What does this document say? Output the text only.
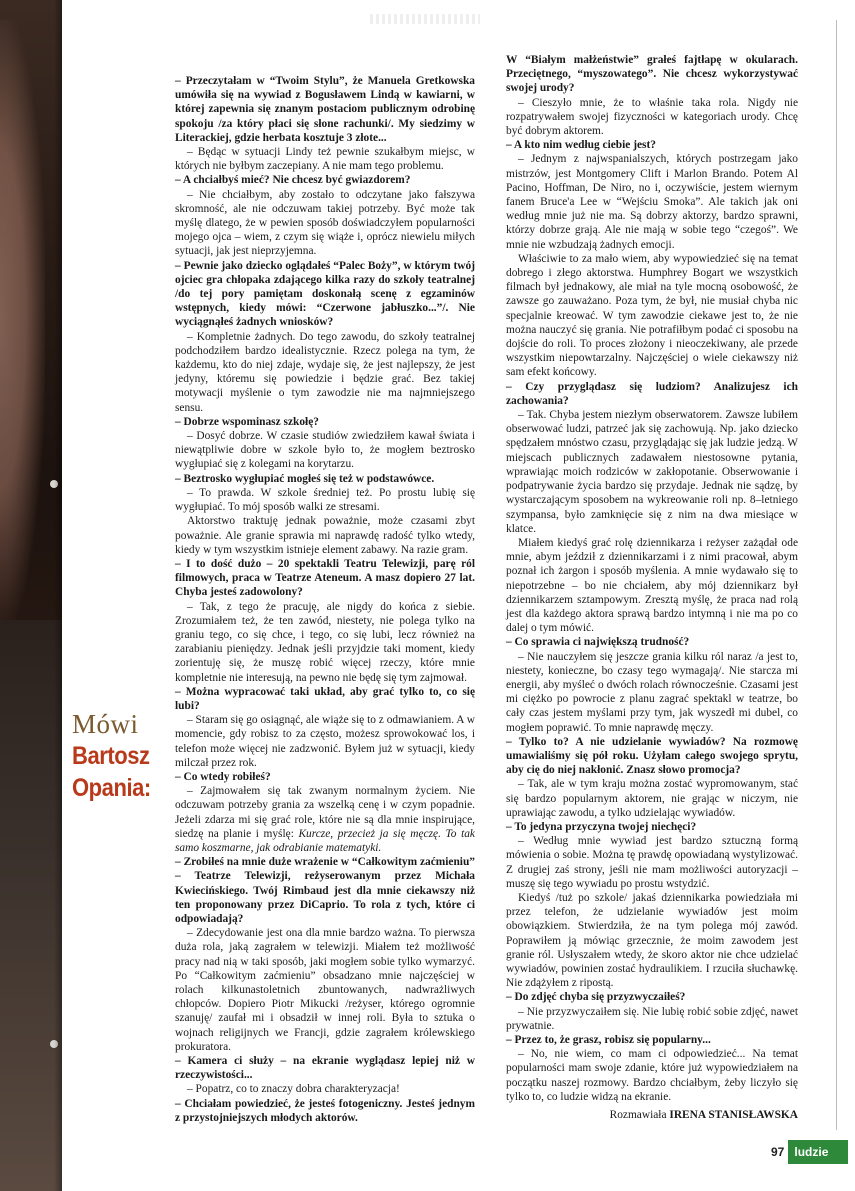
Mówi
Bartosz
Opania:

– Przeczytałam w “Twoim Stylu”, że Manuela Gretkowska umówiła się na wywiad z Bogusławem Lindą w kawiarni, w której zapewnia się znanym postaciom publicznym odrobinę spokoju /za który płaci się słone rachunki/. My siedzimy w Literackiej, gdzie herbata kosztuje 3 złote...

– Będąc w sytuacji Lindy też pewnie szukałbym miejsc, w których nie byłbym zaczepiany. A nie mam tego problemu.

– A chciałbyś mieć? Nie chcesz być gwiazdorem?

– Nie chciałbym, aby zostało to odczytane jako fałszywa skromność, ale nie odczuwam takiej potrzeby. Być może tak myślę dlatego, że w pewien sposób doświadczyłem popularności mojego ojca – wiem, z czym się wiąże i, oprócz niewielu miłych sytuacji, jak jest nieprzyjemna.

– Pewnie jako dziecko oglądałeś “Palec Boży”, w którym twój ojciec gra chłopaka zdającego kilka razy do szkoły teatralnej /do tej pory pamiętam doskonałą scenę z egzaminów wstępnych, kiedy mówi: “Czerwone jabłuszko...”/. Nie wyciągnąłeś żadnych wniosków?

– Kompletnie żadnych. Do tego zawodu, do szkoły teatralnej podchodziłem bardzo idealistycznie. Rzecz polega na tym, że każdemu, kto do niej zdaje, wydaje się, że jest najlepszy, że jest jedyny, któremu się powiedzie i będzie grać. Bez takiej motywacji myślenie o tym zawodzie nie ma najmniejszego sensu.

– Dobrze wspominasz szkołę?

– Dosyć dobrze. W czasie studiów zwiedziłem kawał świata i niewątpliwie dobre w szkole było to, że mogłem beztrosko wygłupiać się z kolegami na korytarzu.

– Beztrosko wygłupiać mogłeś się też w podstawówce.

– To prawda. W szkole średniej też. Po prostu lubię się wygłupiać. To mój sposób walki ze stresami.

Aktorstwo traktuję jednak poważnie, może czasami zbyt poważnie. Ale granie sprawia mi naprawdę radość tylko wtedy, kiedy w tym wszystkim istnieje element zabawy. Na razie gram.

– I to dość dużo – 20 spektakli Teatru Telewizji, parę ról filmowych, praca w Teatrze Ateneum. A masz dopiero 27 lat. Chyba jesteś zadowolony?

– Tak, z tego że pracuję, ale nigdy do końca z siebie. Zrozumiałem też, że ten zawód, niestety, nie polega tylko na graniu tego, co się chce, i tego, co się lubi, lecz również na zarabianiu pieniędzy. Jednak jeśli przyjdzie taki moment, kiedy zorientuję się, że muszę robić więcej rzeczy, które mnie kompletnie nie interesują, na pewno nie będę się tym zajmował.

– Można wypracować taki układ, aby grać tylko to, co się lubi?

– Staram się go osiągnąć, ale wiąże się to z odmawianiem. A w momencie, gdy robisz to za często, możesz sprowokować los, i telefon może więcej nie zadzwonić. Byłem już w sytuacji, kiedy milczał przez rok.

– Co wtedy robiłeś?

– Zajmowałem się tak zwanym normalnym życiem. Nie odczuwam potrzeby grania za wszelką cenę i w czym popadnie. Jeżeli zdarza mi się grać role, które nie są dla mnie inspirujące, siedzę na planie i myślę: Kurcze, przecież ja się męczę. To tak samo koszmarne, jak odrabianie matematyki.

– Zrobiłeś na mnie duże wrażenie w “Całkowitym zaćmieniu” – Teatrze Telewizji, reżyserowanym przez Michała Kwiecińskiego. Twój Rimbaud jest dla mnie ciekawszy niż ten proponowany przez DiCaprio. To rola z tych, które ci odpowiadają?

– Zdecydowanie jest ona dla mnie bardzo ważna. To pierwsza duża rola, jaką zagrałem w telewizji. Miałem też możliwość pracy nad nią w taki sposób, jaki mogłem sobie tylko wymarzyć. Po “Całkowitym zaćmieniu” obsadzano mnie najczęściej w rolach kilkunastoletnich zbuntowanych, nadwrażliwych chłopców. Dopiero Piotr Mikucki /reżyser, którego ogromnie szanuję/ zaufał mi i obsadził w innej roli. Była to sztuka o wojnach religijnych we Francji, gdzie zagrałem królewskiego prokuratora.

– Kamera ci służy – na ekranie wyglądasz lepiej niż w rzeczywistości...

– Popatrz, co to znaczy dobra charakteryzacja!

– Chciałam powiedzieć, że jesteś fotogeniczny. Jesteś jednym z przystojniejszych młodych aktorów.

W “Białym małżeństwie” grałeś fajtłapę w okularach. Przeciętnego, “myszowatego”. Nie chcesz wykorzystywać swojej urody?

– Cieszyło mnie, że to właśnie taka rola. Nigdy nie rozpatrywałem swojej fizyczności w kategoriach urody. Chcę być dobrym aktorem.

– A kto nim według ciebie jest?

– Jednym z najwspanialszych, których postrzegam jako mistrzów, jest Montgomery Clift i Marlon Brando. Potem Al Pacino, Hoffman, De Niro, no i, oczywiście, jestem wiernym fanem Bruce'a Lee w “Wejściu Smoka”. Ale takich jak oni według mnie już nie ma. Są dobrzy aktorzy, bardzo sprawni, którzy dobrze grają. Ale nie mają w sobie tego “czegoś”. We mnie nie wzbudzają żadnych emocji.

Właściwie to za mało wiem, aby wypowiedzieć się na temat dobrego i złego aktorstwa. Humphrey Bogart we wszystkich filmach był jednakowy, ale miał na tyle mocną osobowość, że zawsze go zauważano. Poza tym, że był, nie musiał chyba nic specjalnie kreować. W tym zawodzie ciekawe jest to, że nie można nauczyć się grania. Nie potrafiłbym podać ci sposobu na dojście do roli. To proces złożony i nieoczekiwany, ale przede wszystkim niepowtarzalny. Najczęściej o wiele ciekawszy niż sam efekt końcowy.

– Czy przyglądasz się ludziom? Analizujesz ich zachowania?

– Tak. Chyba jestem niezłym obserwatorem. Zawsze lubiłem obserwować ludzi, patrzeć jak się zachowują. Np. jako dziecko spędzałem mnóstwo czasu, przyglądając się jak ludzie jedzą. W miejscach publicznych zadawałem niestosowne pytania, wprawiając moich rodziców w zakłopotanie. Obserwowanie i podpatrywanie życia bardzo się przydaje. Jednak nie sądzę, by wystarczającym sposobem na wykreowanie roli np. 8–letniego szympansa, było zamknięcie się z nim na dwa miesiące w klatce.

Miałem kiedyś grać rolę dziennikarza i reżyser zażądał ode mnie, abym jeździł z dziennikarzami i z nimi pracował, abym poznał ich żargon i sposób myślenia. A mnie wydawało się to niepotrzebne – bo nie chciałem, aby mój dziennikarz był dziennikarzem sztampowym. Zresztą myślę, że praca nad rolą jest dla każdego aktora sprawą bardzo intymną i nie ma po co dalej o tym mówić.

– Co sprawia ci największą trudność?

– Nie nauczyłem się jeszcze grania kilku ról naraz /a jest to, niestety, konieczne, bo czasy tego wymagają/. Nie starcza mi energii, aby myśleć o dwóch rolach równocześnie. Czasami jest mi ciężko po powrocie z planu zagrać spektakl w teatrze, bo cały czas jestem myślami przy tym, jak wyszedł mi dubel, co mogłem poprawić. To mnie naprawdę męczy.

– Tylko to? A nie udzielanie wywiadów? Na rozmowę umawialiśmy się pół roku. Użyłam całego swojego sprytu, aby cię do niej nakłonić. Znasz słowo promocja?

– Tak, ale w tym kraju można zostać wypromowanym, stać się bardzo popularnym aktorem, nie grając w niczym, nie uprawiając zawodu, a tylko udzielając wywiadów.

– To jedyna przyczyna twojej niechęci?

– Według mnie wywiad jest bardzo sztuczną formą mówienia o sobie. Można tę prawdę opowiadaną wystylizować. Z drugiej zaś strony, jeśli nie mam możliwości autoryzacji – muszę się tego wywiadu po prostu wstydzić.

Kiedyś /tuż po szkole/ jakaś dziennikarka powiedziała mi przez telefon, że udzielanie wywiadów jest moim obowiązkiem. Stwierdziła, że na tym polega mój zawód. Poprawiłem ją mówiąc grzecznie, że moim zawodem jest granie ról. Usłyszałem wtedy, że skoro aktor nie chce udzielać wywiadów, powinien zostać hydraulikiem. I rzuciła słuchawkę. Nie zdążyłem z ripostą.

– Do zdjęć chyba się przyzwyczaiłeś?

– Nie przyzwyczaiłem się. Nie lubię robić sobie zdjęć, nawet prywatnie.

– Przez to, że grasz, robisz się popularny...

– No, nie wiem, co mam ci odpowiedzieć... Na temat popularności mam swoje zdanie, które już wypowiedziałem na początku naszej rozmowy. Bardzo chciałbym, żeby liczyło się tylko to, co ludzie widzą na ekranie.

Rozmawiała IRENA STANISŁAWSKA

97 ludzie
